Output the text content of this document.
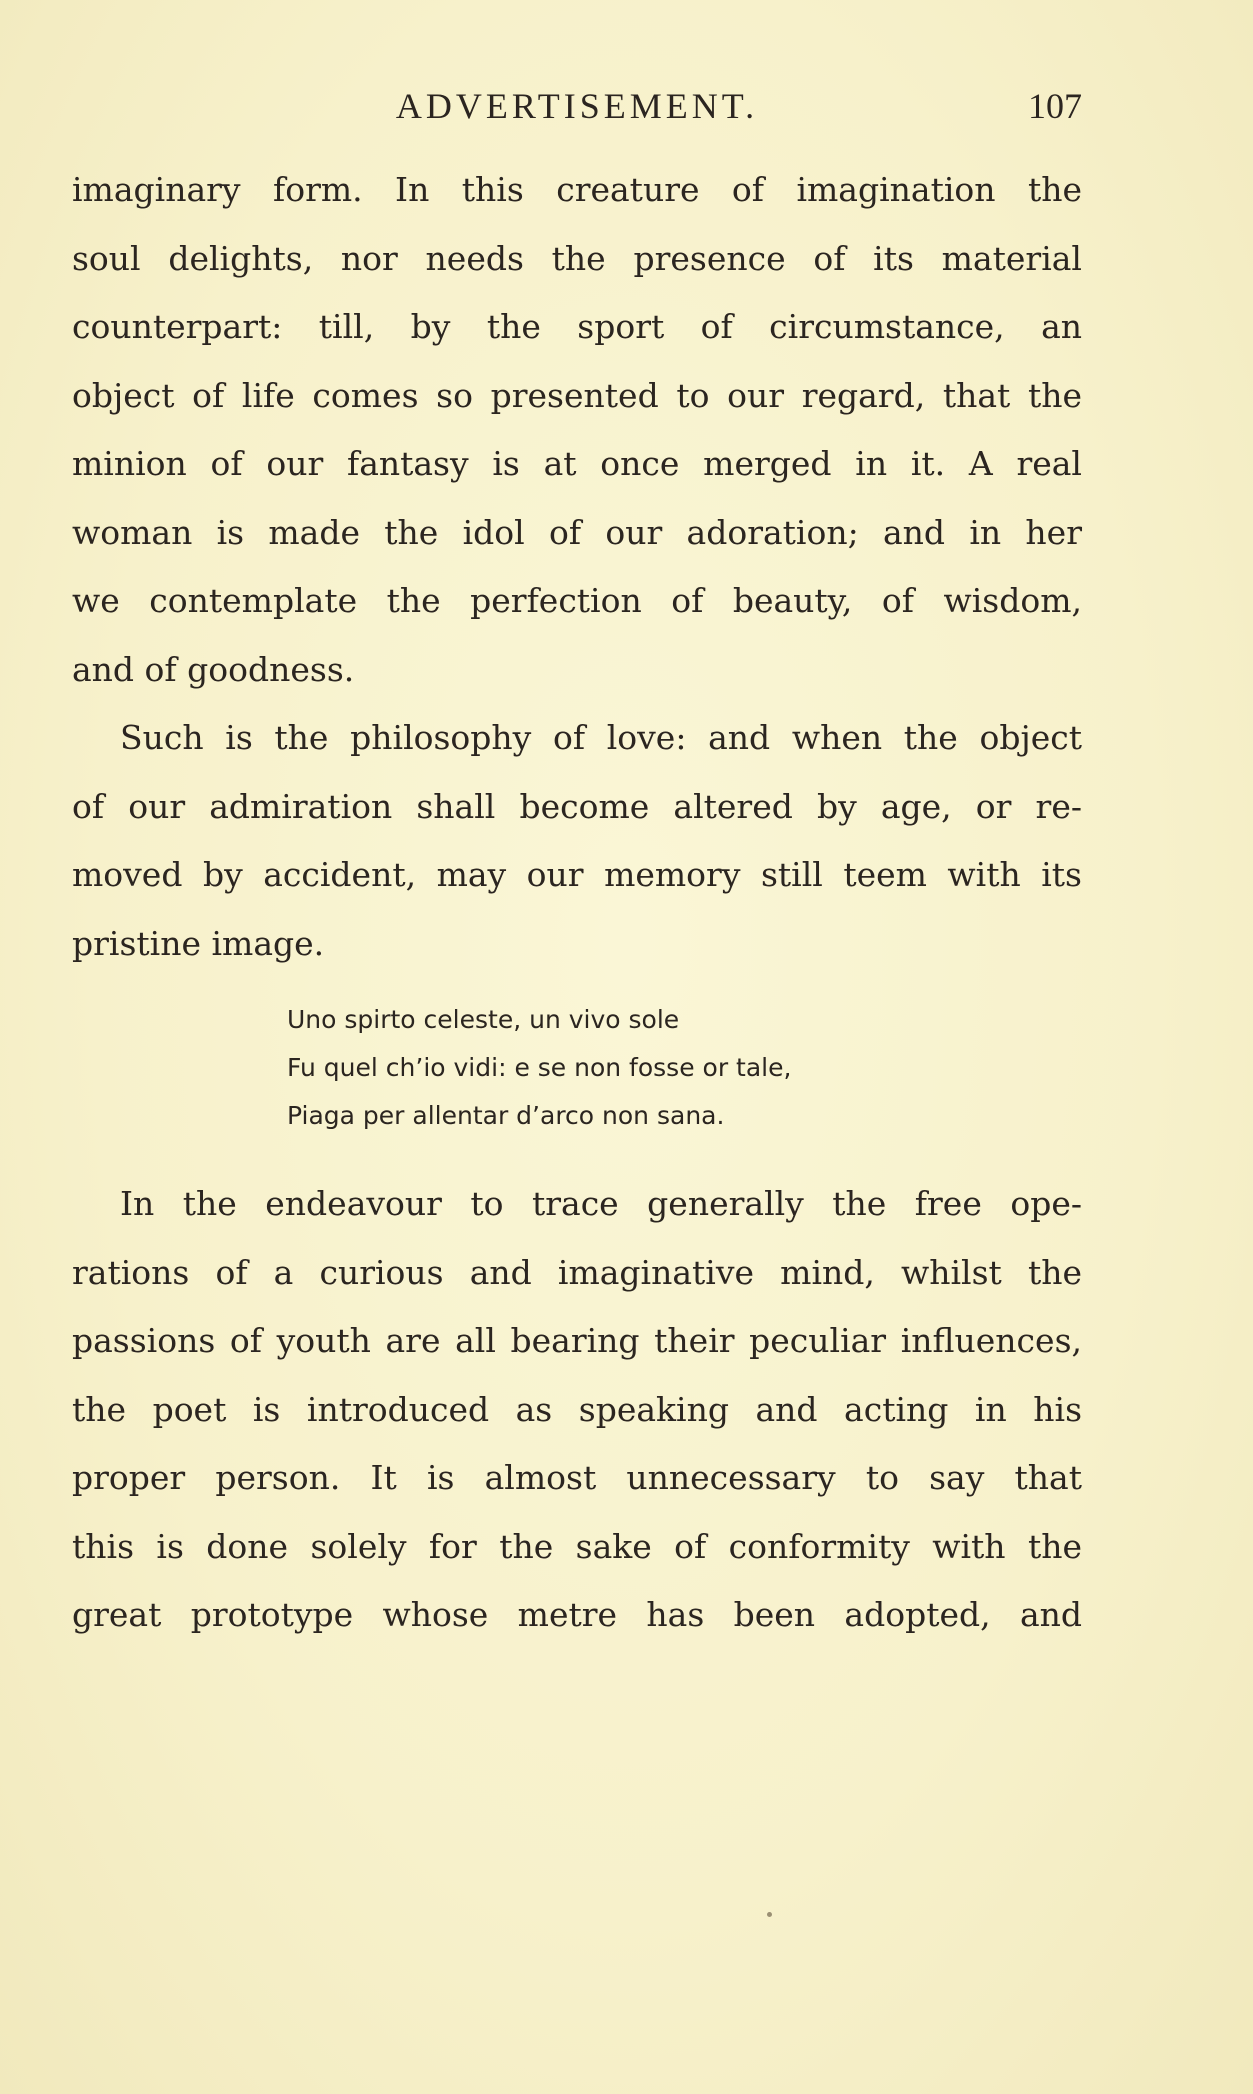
ADVERTISEMENT.	107
imaginary form. In this creature of imagination the
soul delights, nor needs the presence of its material
counterpart: till, by the sport of circumstance, an
object of life comes so presented to our regard, that the
minion of our fantasy is at once merged in it. A real
woman is made the idol of our adoration; and in her
we contemplate the perfection of beauty, of wisdom,
and of goodness.
Such is the philosophy of love: and when the object
of our admiration shall become altered by age, or re-
moved by accident, may our memory still teem with its
pristine image.
Uno spirto celeste, un vivo sole
Fu quel ch’io vidi: e se non fosse or tale,
Piaga per allentar d’arco non sana.
In the endeavour to trace generally the free ope-
rations of a curious and imaginative mind, whilst the
passions of youth are all bearing their peculiar influences,
the poet is introduced as speaking and acting in his
proper person. It is almost unnecessary to say that
this is done solely for the sake of conformity with the
great prototype whose metre has been adopted, and
